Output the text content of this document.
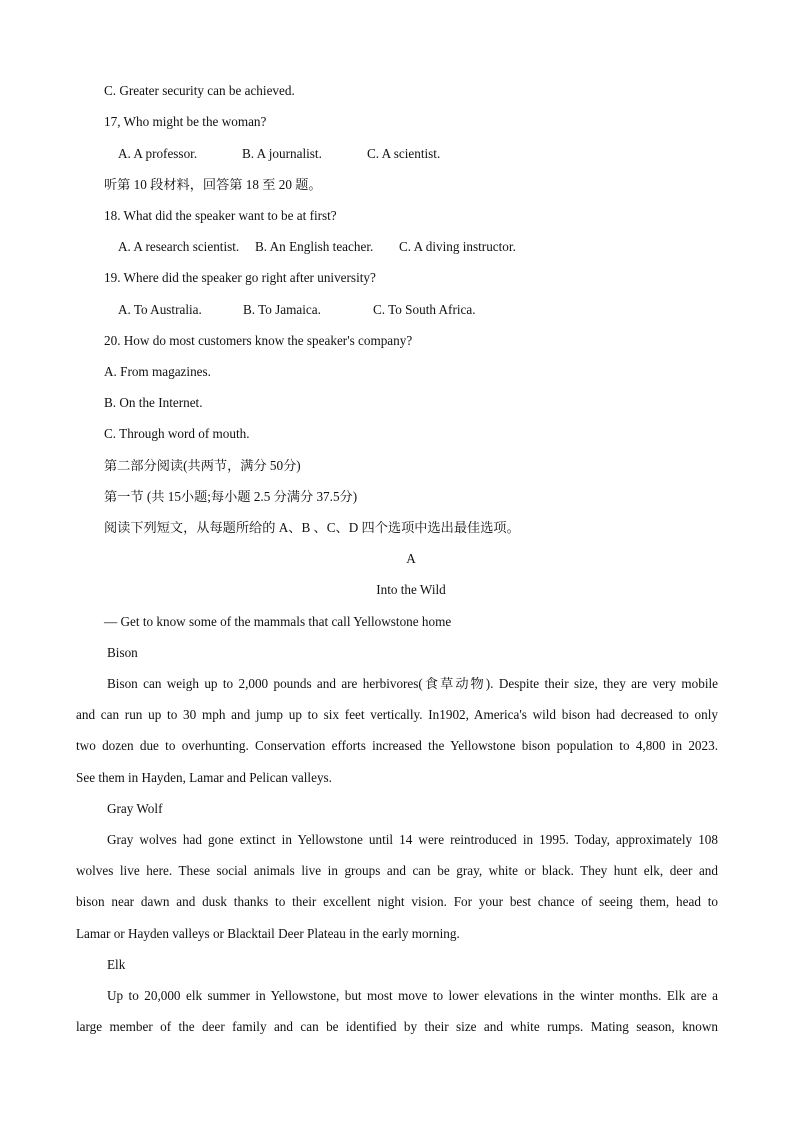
C. Greater security can be achieved.
17, Who might be the woman?
A. A professor.	B. A journalist.	C. A scientist.
听第 10 段材料，回答第 18 至 20 题。
18. What did the speaker want to be at first?
A. A research scientist. B. An English teacher. C. A diving instructor.
19. Where did the speaker go right after university?
A. To Australia.	B. To Jamaica.	C. To South Africa.
20. How do most customers know the speaker's company?
A. From magazines.
B. On the Internet.
C. Through word of mouth.
第二部分阅读(共两节，满分 50分)
第一节 (共 15小题;每小题 2.5 分满分 37.5分)
阅读下列短文，从每题所给的 A、B 、C、D 四个选项中选出最佳选项。
A
Into the Wild
— Get to know some of the mammals that call Yellowstone home
Bison
Bison can weigh up to 2,000 pounds and are herbivores(食草动物). Despite their size, they are very mobile
and can run up to 30 mph and jump up to six feet vertically. In1902, America's wild bison had decreased to only
two dozen due to overhunting. Conservation efforts increased the Yellowstone bison population to 4,800 in 2023.
See them in Hayden, Lamar and Pelican valleys.
Gray Wolf
Gray wolves had gone extinct in Yellowstone until 14 were reintroduced in 1995. Today, approximately 108
wolves live here. These social animals live in groups and can be gray, white or black. They hunt elk, deer and
bison near dawn and dusk thanks to their excellent night vision. For your best chance of seeing them, head to
Lamar or Hayden valleys or Blacktail Deer Plateau in the early morning.
Elk
Up to 20,000 elk summer in Yellowstone, but most move to lower elevations in the winter months. Elk are a
large member of the deer family and can be identified by their size and white rumps. Mating season, known
